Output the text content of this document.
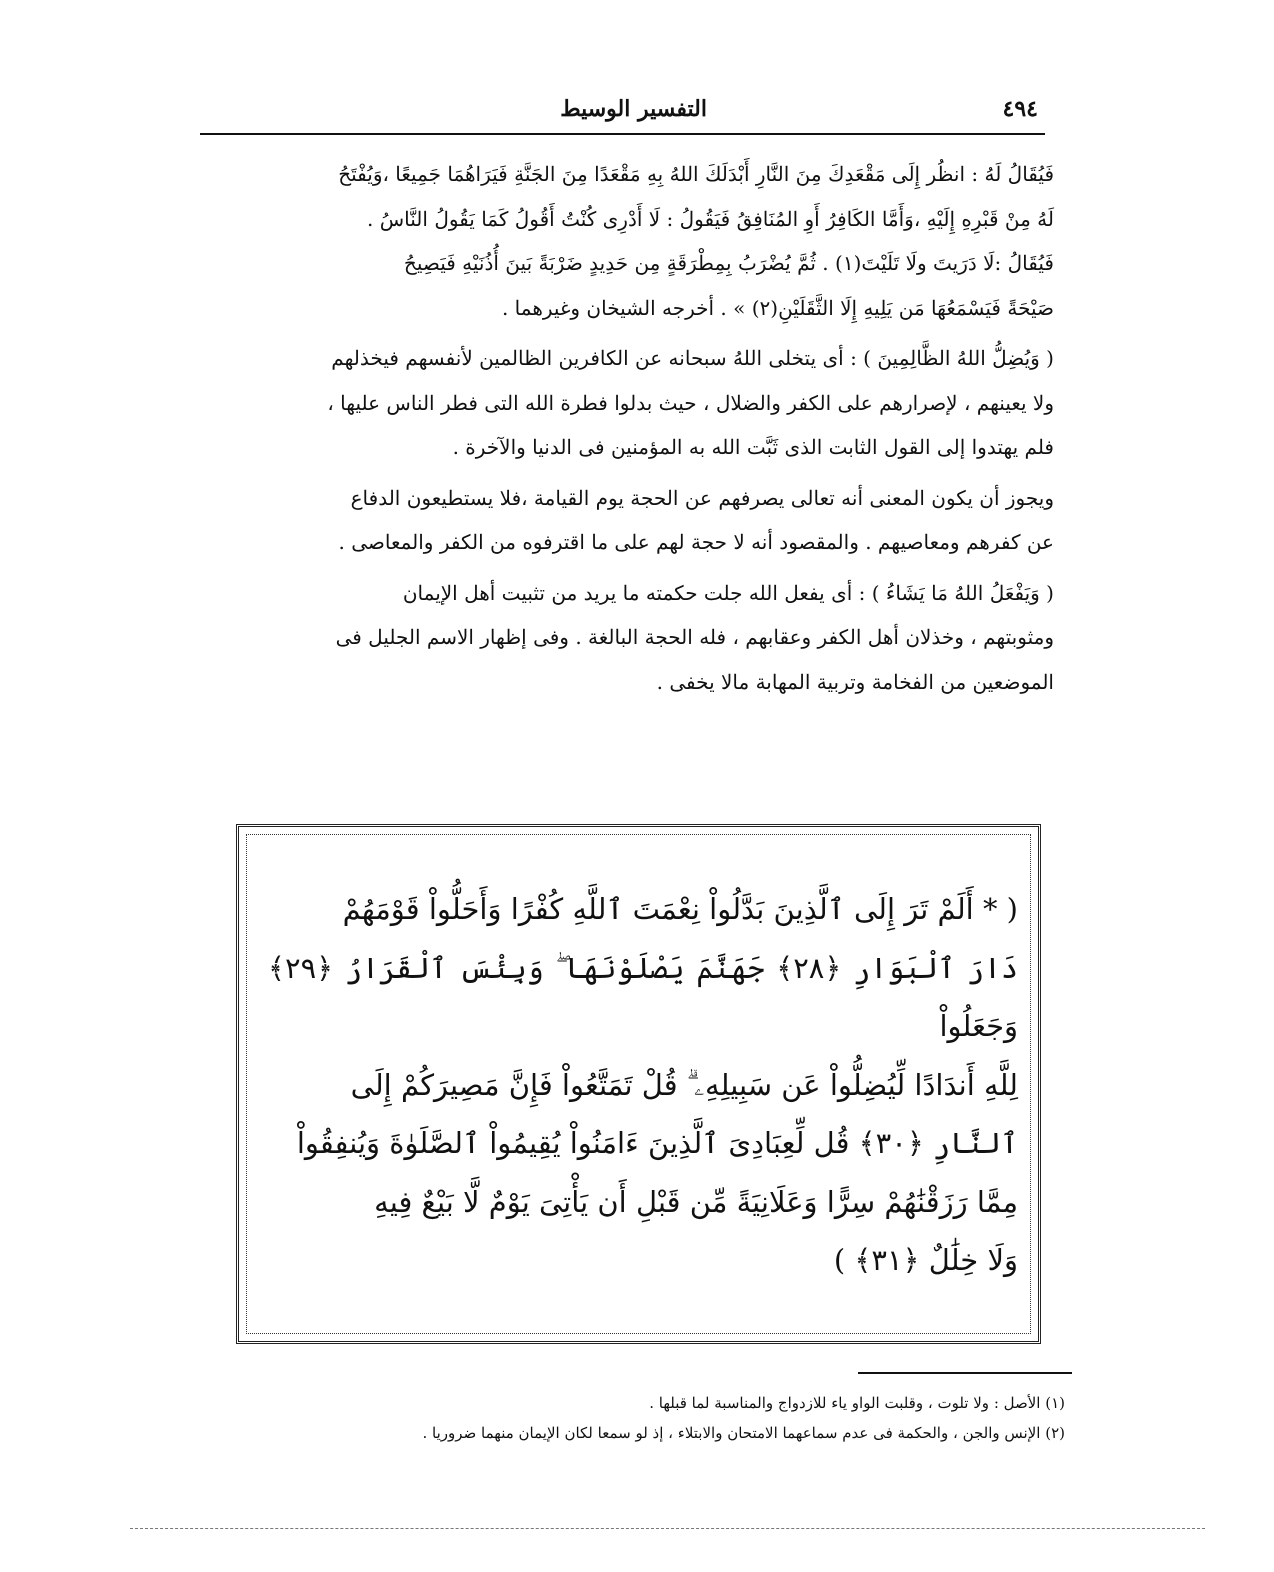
٤٩٤
التفسير الوسيط

فَيُقَالُ لَهُ : انظُر إِلَى مَقْعَدِكَ مِنَ النَّارِ أَبْدَلَكَ اللهُ بِهِ مَقْعَدًا مِنَ الجَنَّةِ فَيَرَاهُمَا جَمِيعًا ،وَيُفْتَحُ
لَهُ مِنْ قَبْرِهِ إِلَيْهِ ،وَأَمَّا الكَافِرُ أَوِ المُنَافِقُ فَيَقُولُ : لَا أَدْرِى كُنْتُ أَقُولُ كَمَا يَقُولُ النَّاسُ .
فَيُقَالُ :لَا دَرَيتَ ولَا تَلَيْتَ(١) . ثُمَّ يُضْرَبُ بِمِطْرَقَةٍ مِن حَدِيدٍ ضَرْبَةً بَينَ أُذُنَيْهِ فَيَصِيحُ
صَيْحَةً فَيَسْمَعُهَا مَن يَلِيهِ إِلَا الثَّقَلَيْنِ(٢) » . أخرجه الشيخان وغيرهما .

( وَيُضِلُّ اللهُ الظَّالِمِينَ ) : أى يتخلى اللهُ سبحانه عن الكافرين الظالمين لأنفسهم فيخذلهم
ولا يعينهم ، لإصرارهم على الكفر والضلال ، حيث بدلوا فطرة الله التى فطر الناس عليها ،
فلم يهتدوا إلى القول الثابت الذى ثَبَّت الله به المؤمنين فى الدنيا والآخرة .

ويجوز أن يكون المعنى أنه تعالى يصرفهم عن الحجة يوم القيامة ،فلا يستطيعون الدفاع
عن كفرهم ومعاصيهم . والمقصود أنه لا حجة لهم على ما اقترفوه من الكفر والمعاصى .

( وَيَفْعَلُ اللهُ مَا يَشَاءُ ) : أى يفعل الله جلت حكمته ما يريد من تثبيت أهل الإيمان
ومثوبتهم ، وخذلان أهل الكفر وعقابهم ، فله الحجة البالغة . وفى إظهار الاسم الجليل فى
الموضعين من الفخامة وتربية المهابة مالا يخفى .

( * أَلَمْ تَرَ إِلَى ٱلَّذِينَ بَدَّلُواْ نِعْمَتَ ٱللَّهِ كُفْرًا وَأَحَلُّواْ قَوْمَهُمْ
دَارَ ٱلْبَوَارِ ﴿٢٨﴾ جَهَنَّمَ يَصْلَوْنَهَا ۖ وَبِئْسَ ٱلْقَرَارُ ﴿٢٩﴾ وَجَعَلُواْ
لِلَّهِ أَندَادًا لِّيُضِلُّواْ عَن سَبِيلِهِۦ ۗ قُلْ تَمَتَّعُواْ فَإِنَّ مَصِيرَكُمْ إِلَى
ٱلنَّارِ ﴿٣٠﴾ قُل لِّعِبَادِىَ ٱلَّذِينَ ءَامَنُواْ يُقِيمُواْ ٱلصَّلَوٰةَ وَيُنفِقُواْ
مِمَّا رَزَقْنَٰهُمْ سِرًّا وَعَلَانِيَةً مِّن قَبْلِ أَن يَأْتِىَ يَوْمٌ لَّا بَيْعٌ فِيهِ
وَلَا خِلَٰلٌ ﴿٣١﴾ )

(١) الأصل : ولا تلوت ، وقلبت الواو ياء للازدواج والمناسبة لما قبلها .

(٢) الإنس والجن ، والحكمة فى عدم سماعهما الامتحان والابتلاء ، إذ لو سمعا لكان الإيمان منهما ضروريا .
